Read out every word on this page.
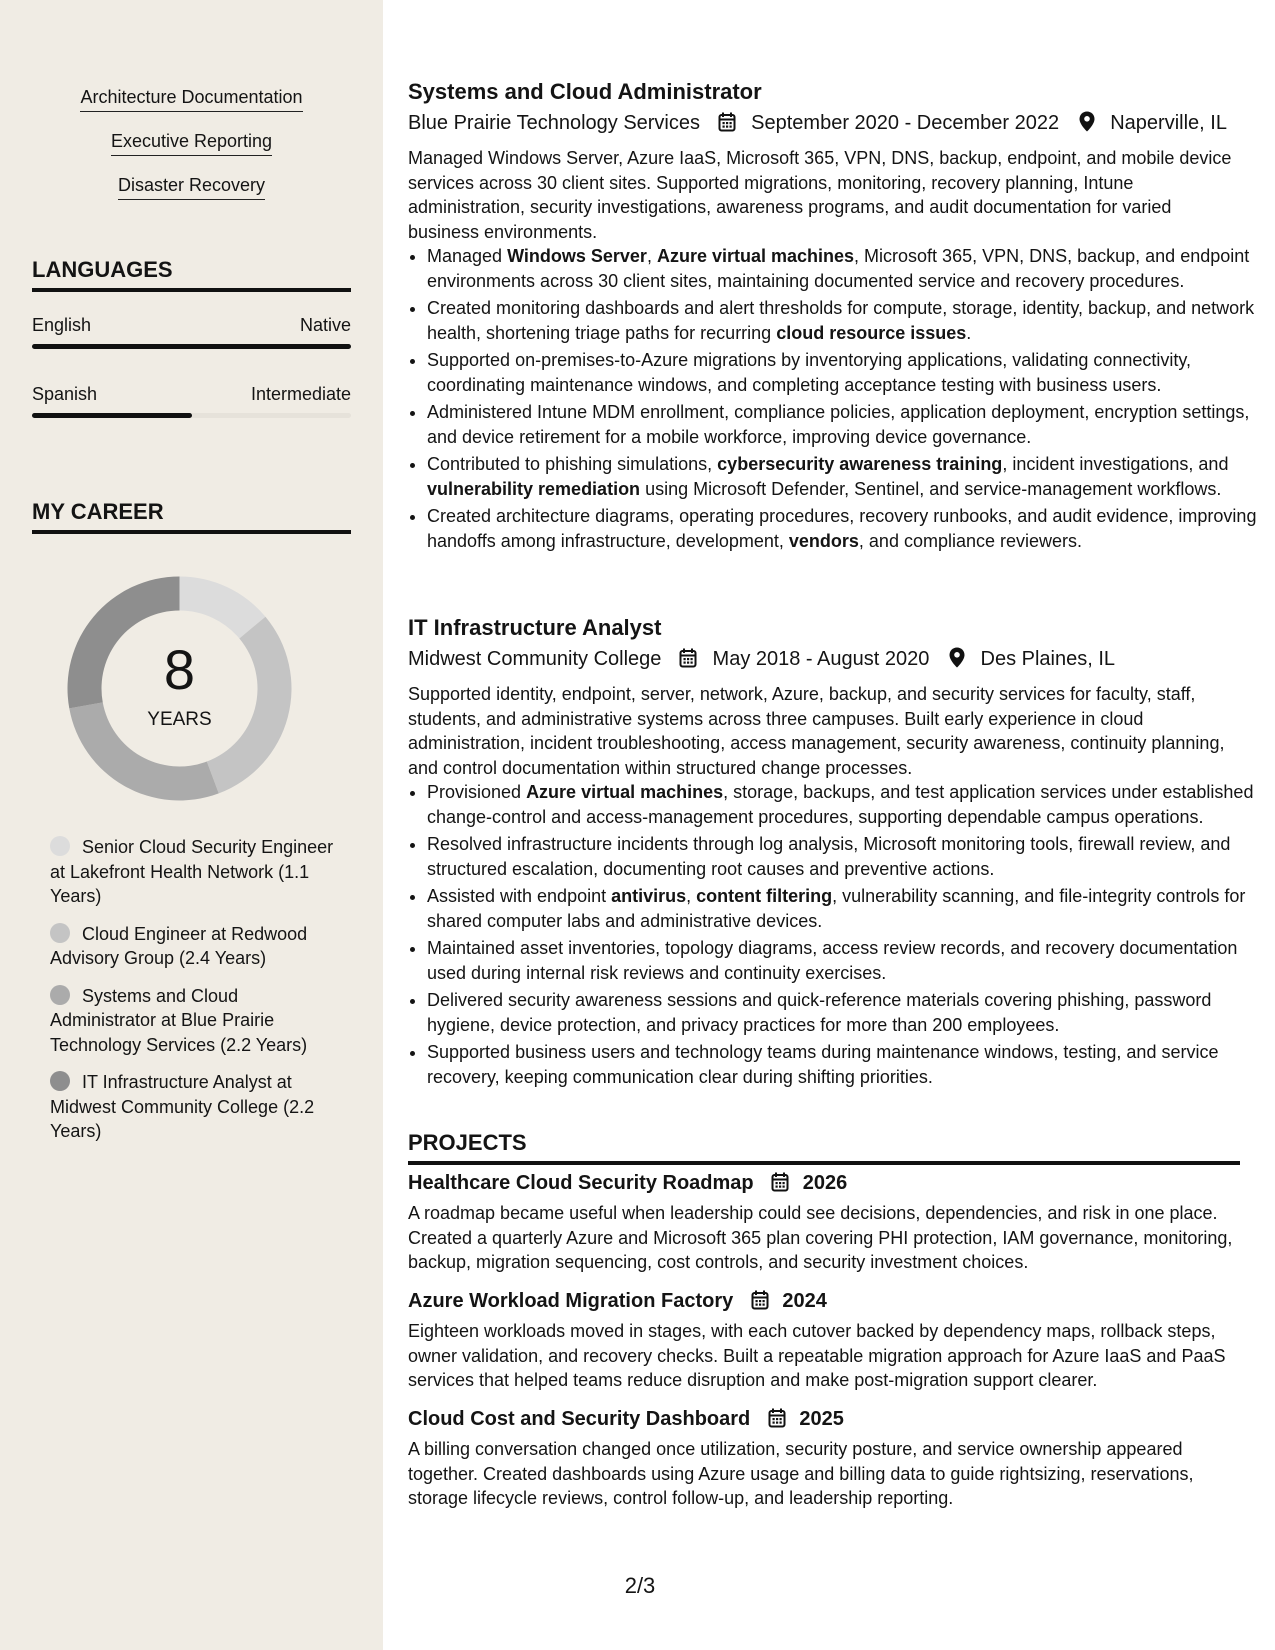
Architecture Documentation
Executive Reporting
Disaster Recovery
LANGUAGES
English	Native
Spanish	Intermediate
MY CAREER
8
YEARS
Senior Cloud Security Engineer at Lakefront Health Network (1.1 Years)
Cloud Engineer at Redwood Advisory Group (2.4 Years)
Systems and Cloud Administrator at Blue Prairie Technology Services (2.2 Years)
IT Infrastructure Analyst at Midwest Community College (2.2 Years)
Systems and Cloud Administrator
Blue Prairie Technology Services	September 2020 - December 2022	Naperville, IL
Managed Windows Server, Azure IaaS, Microsoft 365, VPN, DNS, backup, endpoint, and mobile device services across 30 client sites. Supported migrations, monitoring, recovery planning, Intune administration, security investigations, awareness programs, and audit documentation for varied business environments.
• Managed Windows Server, Azure virtual machines, Microsoft 365, VPN, DNS, backup, and endpoint environments across 30 client sites, maintaining documented service and recovery procedures.
• Created monitoring dashboards and alert thresholds for compute, storage, identity, backup, and network health, shortening triage paths for recurring cloud resource issues.
• Supported on-premises-to-Azure migrations by inventorying applications, validating connectivity, coordinating maintenance windows, and completing acceptance testing with business users.
• Administered Intune MDM enrollment, compliance policies, application deployment, encryption settings, and device retirement for a mobile workforce, improving device governance.
• Contributed to phishing simulations, cybersecurity awareness training, incident investigations, and vulnerability remediation using Microsoft Defender, Sentinel, and service-management workflows.
• Created architecture diagrams, operating procedures, recovery runbooks, and audit evidence, improving handoffs among infrastructure, development, vendors, and compliance reviewers.
IT Infrastructure Analyst
Midwest Community College	May 2018 - August 2020	Des Plaines, IL
Supported identity, endpoint, server, network, Azure, backup, and security services for faculty, staff, students, and administrative systems across three campuses. Built early experience in cloud administration, incident troubleshooting, access management, security awareness, continuity planning, and control documentation within structured change processes.
• Provisioned Azure virtual machines, storage, backups, and test application services under established change-control and access-management procedures, supporting dependable campus operations.
• Resolved infrastructure incidents through log analysis, Microsoft monitoring tools, firewall review, and structured escalation, documenting root causes and preventive actions.
• Assisted with endpoint antivirus, content filtering, vulnerability scanning, and file-integrity controls for shared computer labs and administrative devices.
• Maintained asset inventories, topology diagrams, access review records, and recovery documentation used during internal risk reviews and continuity exercises.
• Delivered security awareness sessions and quick-reference materials covering phishing, password hygiene, device protection, and privacy practices for more than 200 employees.
• Supported business users and technology teams during maintenance windows, testing, and service recovery, keeping communication clear during shifting priorities.
PROJECTS
Healthcare Cloud Security Roadmap 2026
A roadmap became useful when leadership could see decisions, dependencies, and risk in one place. Created a quarterly Azure and Microsoft 365 plan covering PHI protection, IAM governance, monitoring, backup, migration sequencing, cost controls, and security investment choices.
Azure Workload Migration Factory 2024
Eighteen workloads moved in stages, with each cutover backed by dependency maps, rollback steps, owner validation, and recovery checks. Built a repeatable migration approach for Azure IaaS and PaaS services that helped teams reduce disruption and make post-migration support clearer.
Cloud Cost and Security Dashboard 2025
A billing conversation changed once utilization, security posture, and service ownership appeared together. Created dashboards using Azure usage and billing data to guide rightsizing, reservations, storage lifecycle reviews, control follow-up, and leadership reporting.
2/3
